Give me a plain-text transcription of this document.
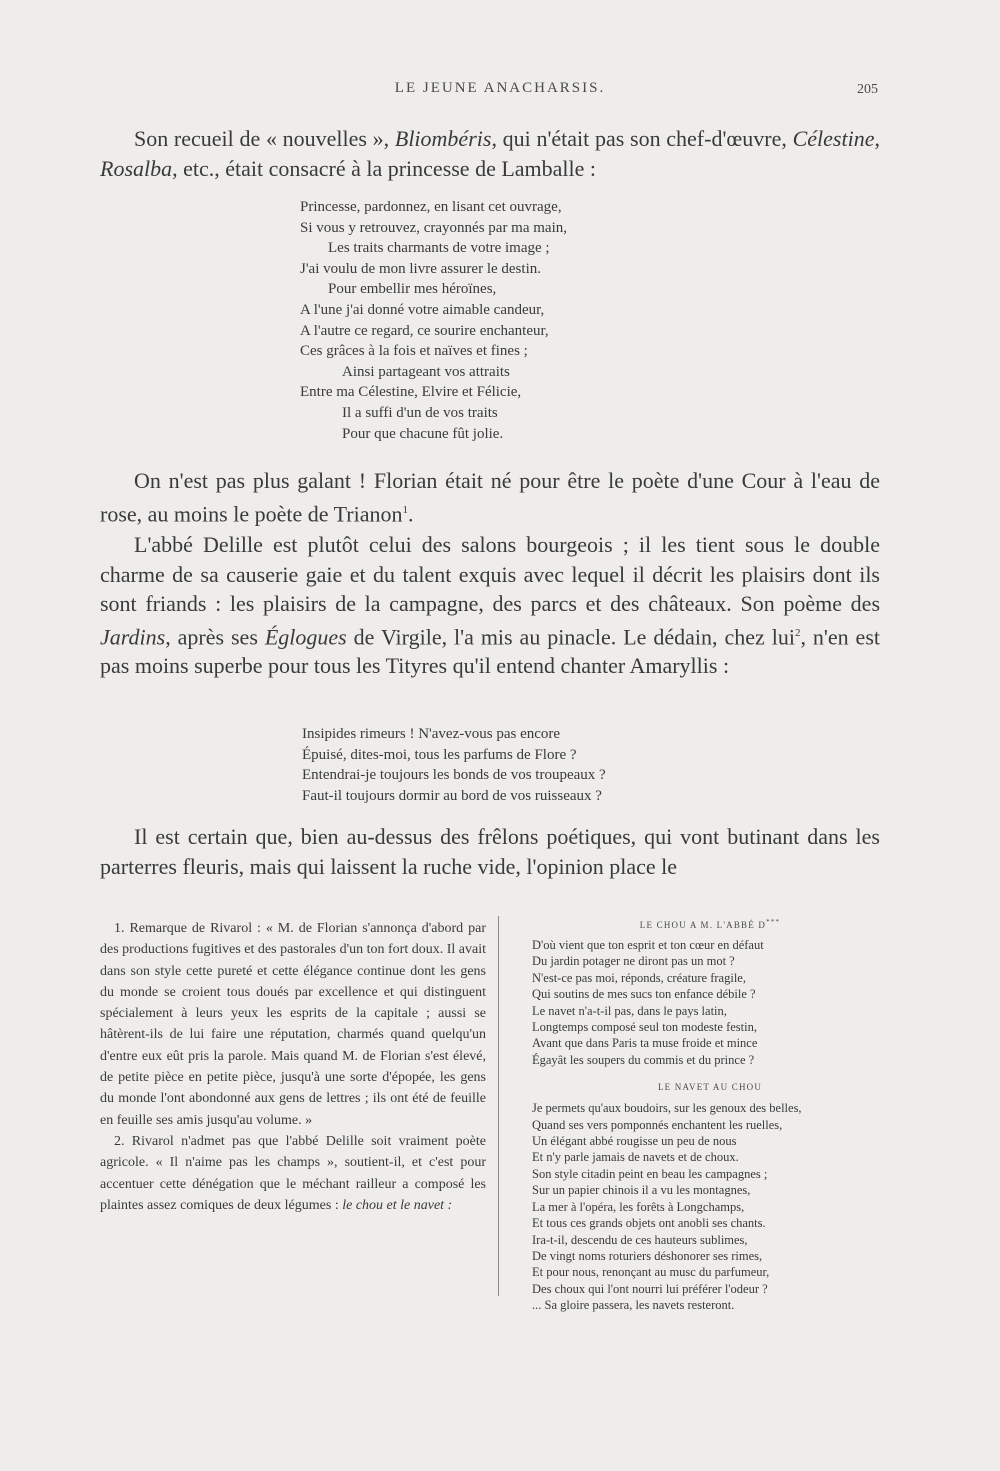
LE JEUNE ANACHARSIS.	205

Son recueil de « nouvelles », Bliombéris, qui n'était pas son chef-d'œuvre, Célestine, Rosalba, etc., était consacré à la princesse de Lamballe :

Princesse, pardonnez, en lisant cet ouvrage,
Si vous y retrouvez, crayonnés par ma main,
Les traits charmants de votre image ;
J'ai voulu de mon livre assurer le destin.
Pour embellir mes héroïnes,
A l'une j'ai donné votre aimable candeur,
A l'autre ce regard, ce sourire enchanteur,
Ces grâces à la fois et naïves et fines ;
Ainsi partageant vos attraits
Entre ma Célestine, Elvire et Félicie,
Il a suffi d'un de vos traits
Pour que chacune fût jolie.

On n'est pas plus galant ! Florian était né pour être le poète d'une Cour à l'eau de rose, au moins le poète de Trianon$^1$.

L'abbé Delille est plutôt celui des salons bourgeois ; il les tient sous le double charme de sa causerie gaie et du talent exquis avec lequel il décrit les plaisirs dont ils sont friands : les plaisirs de la campagne, des parcs et des châteaux. Son poème des Jardins, après ses Églogues de Virgile, l'a mis au pinacle. Le dédain, chez lui$^2$, n'en est pas moins superbe pour tous les Tityres qu'il entend chanter Amaryllis :

Insipides rimeurs ! N'avez-vous pas encore
Épuisé, dites-moi, tous les parfums de Flore ?
Entendrai-je toujours les bonds de vos troupeaux ?
Faut-il toujours dormir au bord de vos ruisseaux ?

Il est certain que, bien au-dessus des frêlons poétiques, qui vont butinant dans les parterres fleuris, mais qui laissent la ruche vide, l'opinion place le

1. Remarque de Rivarol : « M. de Florian s'annonça d'abord par des productions fugitives et des pastorales d'un ton fort doux. Il avait dans son style cette pureté et cette élégance continue dont les gens du monde se croient tous doués par excellence et qui distinguent spécialement à leurs yeux les esprits de la capitale ; aussi se hâtèrent-ils de lui faire une réputation, charmés quand quelqu'un d'entre eux eût pris la parole. Mais quand M. de Florian s'est élevé, de petite pièce en petite pièce, jusqu'à une sorte d'épopée, les gens du monde l'ont abondonné aux gens de lettres ; ils ont été de feuille en feuille ses amis jusqu'au volume. »

2. Rivarol n'admet pas que l'abbé Delille soit vraiment poète agricole. « Il n'aime pas les champs », soutient-il, et c'est pour accentuer cette dénégation que le méchant railleur a composé les plaintes assez comiques de deux légumes : le chou et le navet :

LE CHOU A M. L'ABBÉ D***

D'où vient que ton esprit et ton cœur en défaut
Du jardin potager ne diront pas un mot ?
N'est-ce pas moi, réponds, créature fragile,
Qui soutins de mes sucs ton enfance débile ?
Le navet n'a-t-il pas, dans le pays latin,
Longtemps composé seul ton modeste festin,
Avant que dans Paris ta muse froide et mince
Égayât les soupers du commis et du prince ?

LE NAVET AU CHOU

Je permets qu'aux boudoirs, sur les genoux des belles,
Quand ses vers pomponnés enchantent les ruelles,
Un élégant abbé rougisse un peu de nous
Et n'y parle jamais de navets et de choux.
Son style citadin peint en beau les campagnes ;
Sur un papier chinois il a vu les montagnes,
La mer à l'opéra, les forêts à Longchamps,
Et tous ces grands objets ont anobli ses chants.
Ira-t-il, descendu de ces hauteurs sublimes,
De vingt noms roturiers déshonorer ses rimes,
Et pour nous, renonçant au musc du parfumeur,
Des choux qui l'ont nourri lui préférer l'odeur ?
... Sa gloire passera, les navets resteront.
